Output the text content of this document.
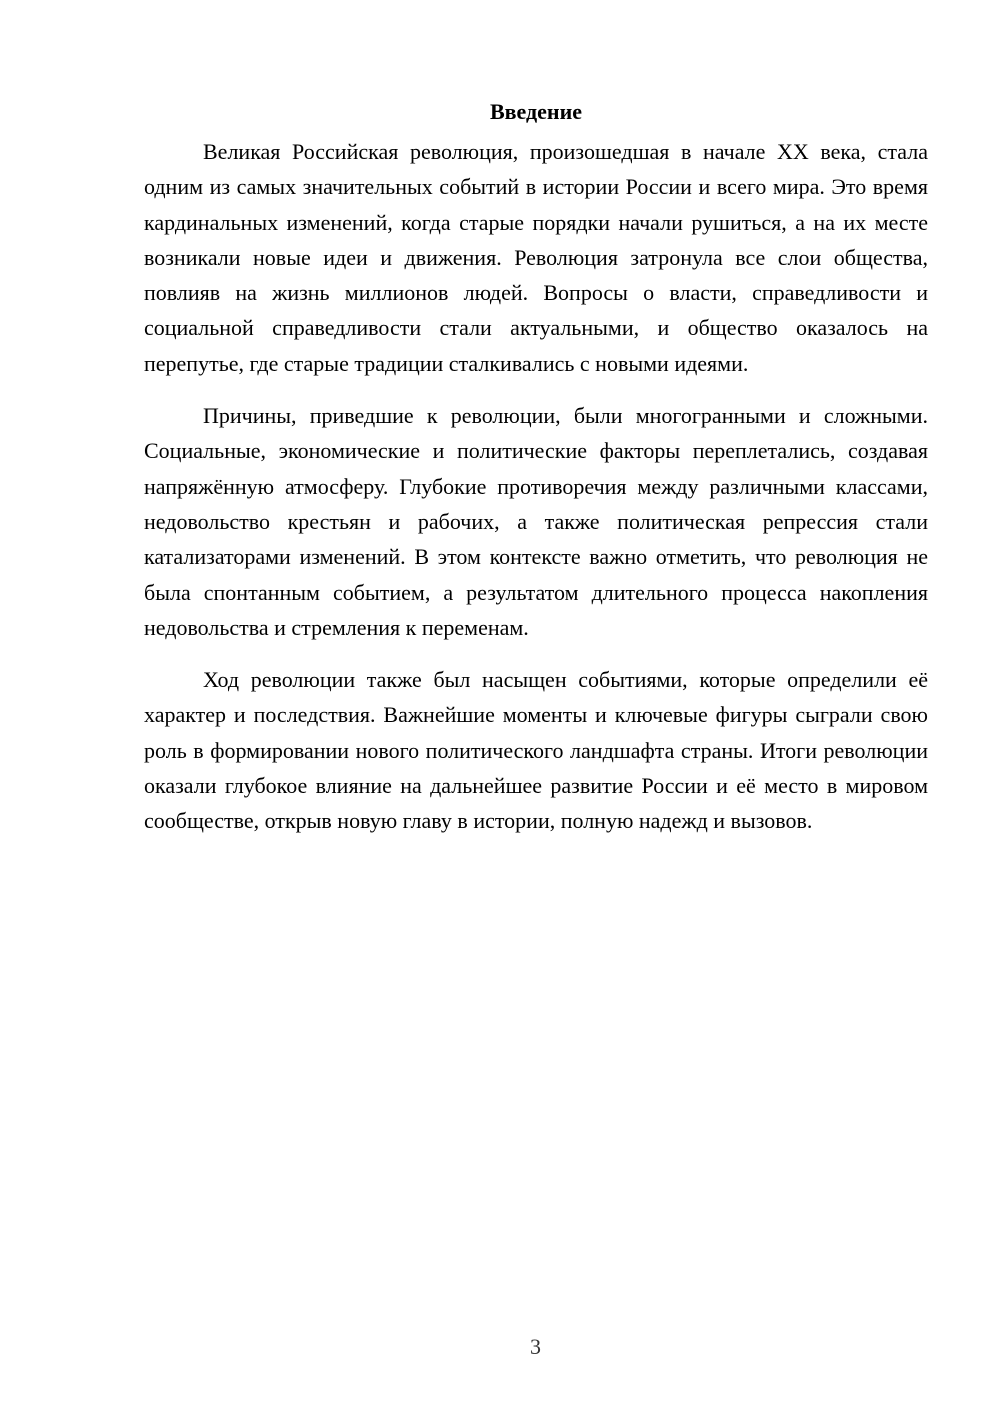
Введение

Великая Российская революция, произошедшая в начале XX века, стала одним из самых значительных событий в истории России и всего мира. Это время кардинальных изменений, когда старые порядки начали рушиться, а на их месте возникали новые идеи и движения. Революция затронула все слои общества, повлияв на жизнь миллионов людей. Вопросы о власти, справедливости и социальной справедливости стали актуальными, и общество оказалось на перепутье, где старые традиции сталкивались с новыми идеями.

Причины, приведшие к революции, были многогранными и сложными. Социальные, экономические и политические факторы переплетались, создавая напряжённую атмосферу. Глубокие противоречия между различными классами, недовольство крестьян и рабочих, а также политическая репрессия стали катализаторами изменений. В этом контексте важно отметить, что революция не была спонтанным событием, а результатом длительного процесса накопления недовольства и стремления к переменам.

Ход революции также был насыщен событиями, которые определили её характер и последствия. Важнейшие моменты и ключевые фигуры сыграли свою роль в формировании нового политического ландшафта страны. Итоги революции оказали глубокое влияние на дальнейшее развитие России и её место в мировом сообществе, открыв новую главу в истории, полную надежд и вызовов.

3
